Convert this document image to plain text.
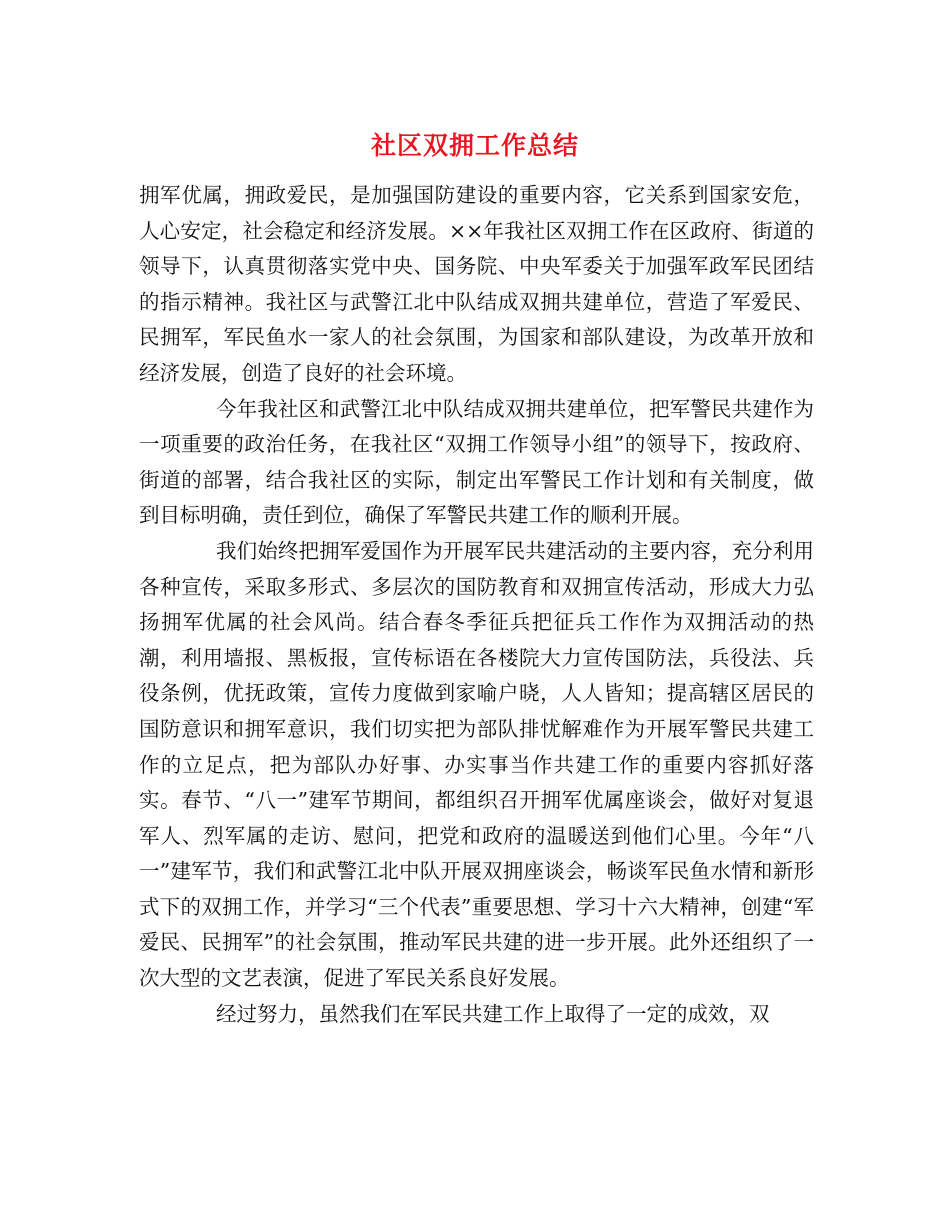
社区双拥工作总结

拥军优属，拥政爱民，是加强国防建设的重要内容，它关系到国家安危，人心安定，社会稳定和经济发展。××年我社区双拥工作在区政府、街道的领导下，认真贯彻落实党中央、国务院、中央军委关于加强军政军民团结的指示精神。我社区与武警江北中队结成双拥共建单位，营造了军爱民、民拥军，军民鱼水一家人的社会氛围，为国家和部队建设，为改革开放和经济发展，创造了良好的社会环境。

今年我社区和武警江北中队结成双拥共建单位，把军警民共建作为一项重要的政治任务，在我社区“双拥工作领导小组”的领导下，按政府、街道的部署，结合我社区的实际，制定出军警民工作计划和有关制度，做到目标明确，责任到位，确保了军警民共建工作的顺利开展。

我们始终把拥军爱国作为开展军民共建活动的主要内容，充分利用各种宣传，采取多形式、多层次的国防教育和双拥宣传活动，形成大力弘扬拥军优属的社会风尚。结合春冬季征兵把征兵工作作为双拥活动的热潮，利用墙报、黑板报，宣传标语在各楼院大力宣传国防法，兵役法、兵役条例，优抚政策，宣传力度做到家喻户晓，人人皆知；提高辖区居民的国防意识和拥军意识，我们切实把为部队排忧解难作为开展军警民共建工作的立足点，把为部队办好事、办实事当作共建工作的重要内容抓好落实。春节、“八一”建军节期间，都组织召开拥军优属座谈会，做好对复退军人、烈军属的走访、慰问，把党和政府的温暖送到他们心里。今年“八一”建军节，我们和武警江北中队开展双拥座谈会，畅谈军民鱼水情和新形式下的双拥工作，并学习“三个代表”重要思想、学习十六大精神，创建“军爱民、民拥军”的社会氛围，推动军民共建的进一步开展。此外还组织了一次大型的文艺表演，促进了军民关系良好发展。

经过努力，虽然我们在军民共建工作上取得了一定的成效，双
